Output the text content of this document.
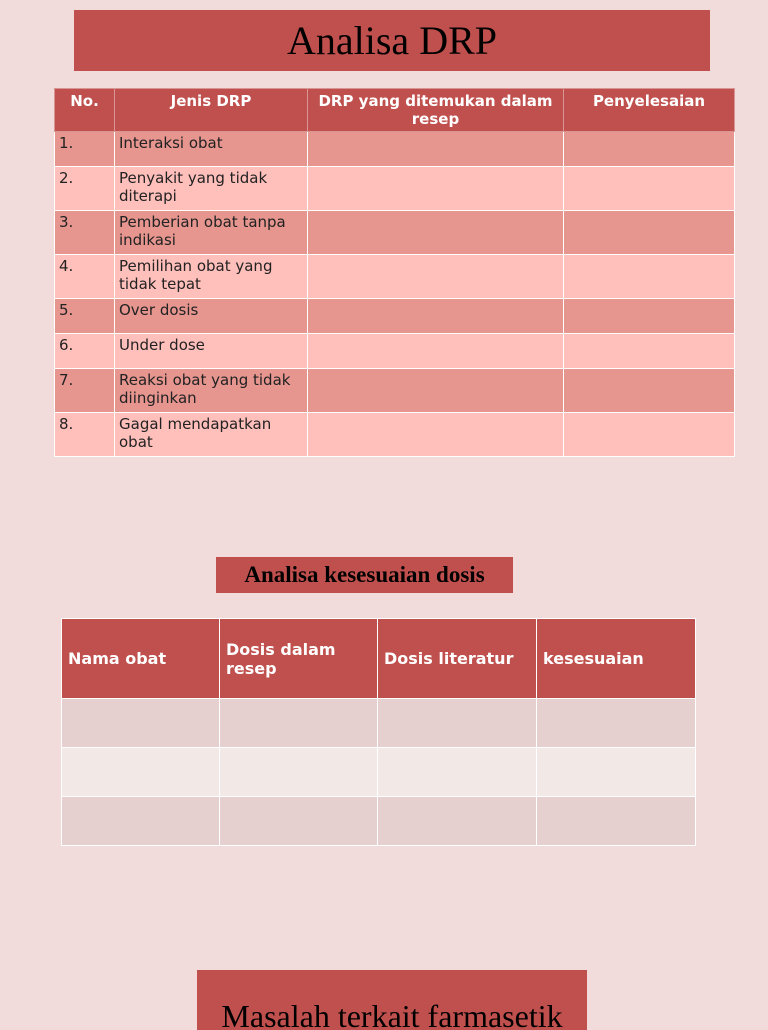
Analisa DRP
No.	Jenis DRP	DRP yang ditemukan dalam resep	Penyelesaian
1.	Interaksi obat		
2.	Penyakit yang tidak diterapi		
3.	Pemberian obat tanpa indikasi		
4.	Pemilihan obat yang tidak tepat		
5.	Over dosis		
6.	Under dose		
7.	Reaksi obat yang tidak diinginkan		
8.	Gagal mendapatkan obat		
Analisa kesesuaian dosis
Nama obat	Dosis dalam resep	Dosis literatur	kesesuaian

Masalah terkait farmasetik
